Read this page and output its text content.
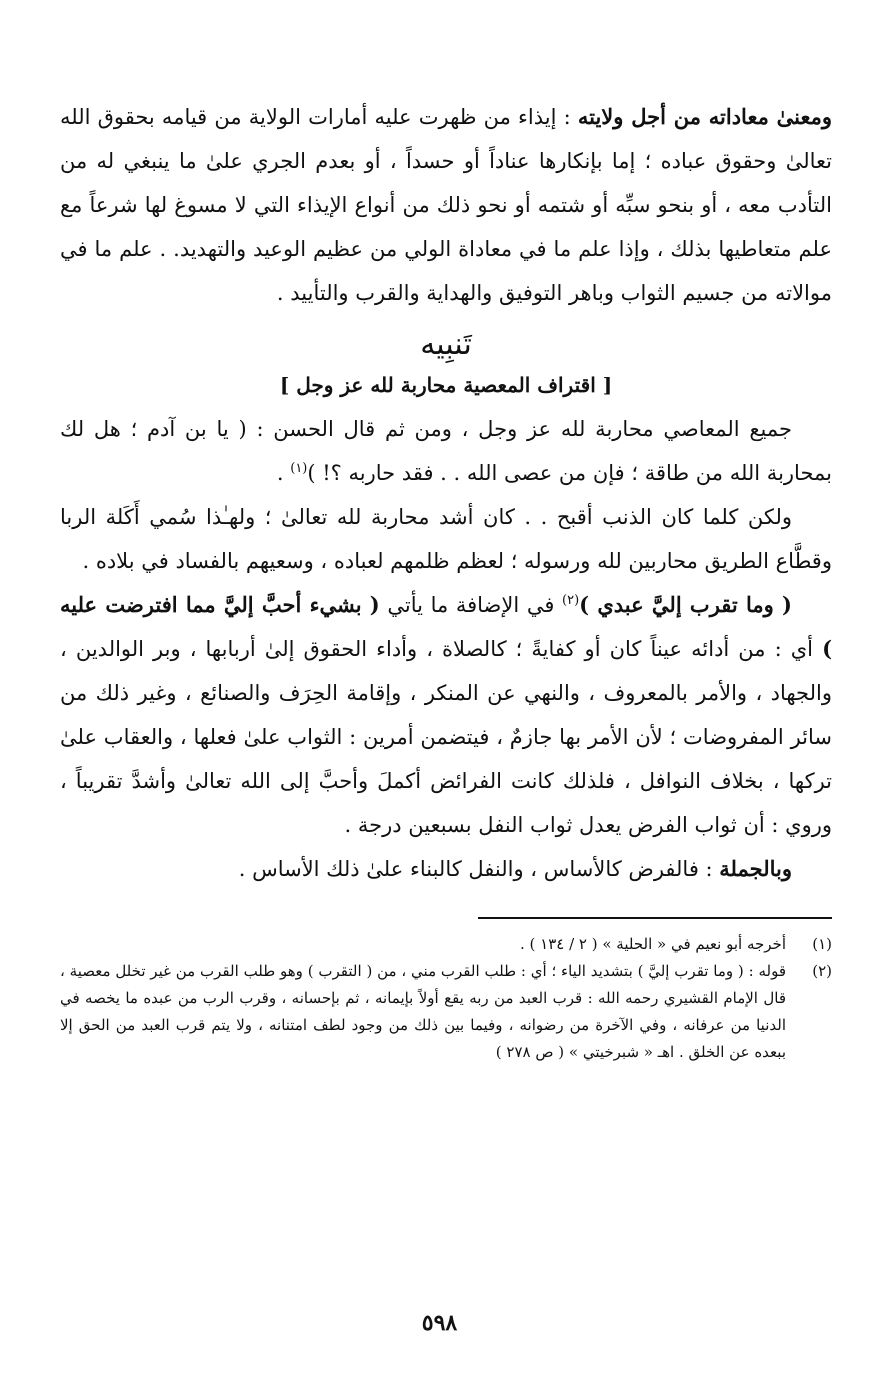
ومعنىٰ معاداته من أجل ولايته : إيذاء من ظهرت عليه أمارات الولاية من قيامه بحقوق الله تعالىٰ وحقوق عباده ؛ إما بإنكارها عناداً أو حسداً ، أو بعدم الجري علىٰ ما ينبغي له من التأدب معه ، أو بنحو سبِّه أو شتمه أو نحو ذلك من أنواع الإيذاء التي لا مسوغ لها شرعاً مع علم متعاطيها بذلك ، وإذا علم ما في معاداة الولي من عظيم الوعيد والتهديد. . علم ما في موالاته من جسيم الثواب وباهر التوفيق والهداية والقرب والتأييد .

تَنبِيه
[ اقتراف المعصية محاربة لله عز وجل ]

جميع المعاصي محاربة لله عز وجل ، ومن ثم قال الحسن : ( يا بن آدم ؛ هل لك بمحاربة الله من طاقة ؛ فإن من عصى الله . . فقد حاربه ؟! )$^{(١)}$ .

ولكن كلما كان الذنب أقبح . . كان أشد محاربة لله تعالىٰ ؛ ولهـٰذا سُمي أَكَلة الربا وقطَّاع الطريق محاربين لله ورسوله ؛ لعظم ظلمهم لعباده ، وسعيهم بالفساد في بلاده .

( وما تقرب إليَّ عبدي )$^{(٢)}$ في الإضافة ما يأتي ( بشيء أحبَّ إليَّ مما افترضت عليه ) أي : من أدائه عيناً كان أو كفايةً ؛ كالصلاة ، وأداء الحقوق إلىٰ أربابها ، وبر الوالدين ، والجهاد ، والأمر بالمعروف ، والنهي عن المنكر ، وإقامة الحِرَف والصنائع ، وغير ذلك من سائر المفروضات ؛ لأن الأمر بها جازمٌ ، فيتضمن أمرين : الثواب علىٰ فعلها ، والعقاب علىٰ تركها ، بخلاف النوافل ، فلذلك كانت الفرائض أكملَ وأحبَّ إلى الله تعالىٰ وأشدَّ تقريباً ، وروي : أن ثواب الفرض يعدل ثواب النفل بسبعين درجة .

وبالجملة : فالفرض كالأساس ، والنفل كالبناء علىٰ ذلك الأساس .

(١)
أخرجه أبو نعيم في « الحلية » ( ٢ / ١٣٤ ) .
(٢)
قوله : ( وما تقرب إليَّ ) بتشديد الياء ؛ أي : طلب القرب مني ، من ( التقرب ) وهو طلب القرب من غير تخلل معصية ، قال الإمام القشيري رحمه الله : قرب العبد من ربه يقع أولاً بإيمانه ، ثم بإحسانه ، وقرب الرب من عبده ما يخصه في الدنيا من عرفانه ، وفي الآخرة من رضوانه ، وفيما بين ذلك من وجود لطف امتنانه ، ولا يتم قرب العبد من الحق إلا ببعده عن الخلق . اهـ « شبرخيتي » ( ص ٢٧٨ )
٥٩٨
